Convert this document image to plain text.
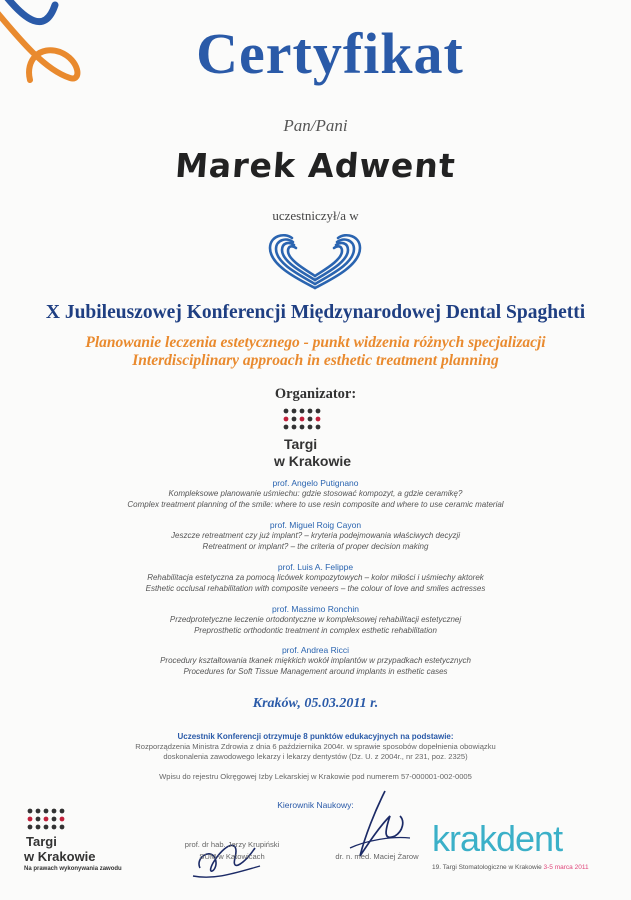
Certyfikat
Pan/Pani
Marek Adwent
uczestniczył/a w
X Jubileuszowej Konferencji Międzynarodowej Dental Spaghetti
Planowanie leczenia estetycznego - punkt widzenia różnych specjalizacji
Interdisciplinary approach in esthetic treatment planning
Organizator:
Targi
w Krakowie
prof. Angelo Putignano
Kompleksowe planowanie uśmiechu: gdzie stosować kompozyt, a gdzie ceramikę?
Complex treatment planning of the smile: where to use resin composite and where to use ceramic material
prof. Miguel Roig Cayon
Jeszcze retreatment czy już implant? – kryteria podejmowania właściwych decyzji
Retreatment or implant? – the criteria of proper decision making
prof. Luis A. Felippe
Rehabilitacja estetyczna za pomocą licówek kompozytowych – kolor miłości i uśmiechy aktorek
Esthetic occlusal rehabilitation with composite veneers – the colour of love and smiles actresses
prof. Massimo Ronchin
Przedprotetyczne leczenie ortodontyczne w kompleksowej rehabilitacji estetycznej
Preprosthetic orthodontic treatment in complex esthetic rehabilitation
prof. Andrea Ricci
Procedury kształtowania tkanek miękkich wokół implantów w przypadkach estetycznych
Procedures for Soft Tissue Management around implants in esthetic cases
Kraków, 05.03.2011 r.
Uczestnik Konferencji otrzymuje 8 punktów edukacyjnych na podstawie:
Rozporządzenia Ministra Zdrowia z dnia 6 października 2004r. w sprawie sposobów dopełnienia obowiązku
doskonalenia zawodowego lekarzy i lekarzy dentystów (Dz. U. z 2004r., nr 231, poz. 2325)
Wpisu do rejestru Okręgowej Izby Lekarskiej w Krakowie pod numerem 57-000001-002-0005
Kierownik Naukowy:
prof. dr hab. Jerzy Krupiński
SUM w Katowicach	dr. n. med. Maciej Żarow
Targi
w Krakowie
Na prawach wykonywania zawodu
krakdent
19. Targi Stomatologiczne w Krakowie 3-5 marca 2011
